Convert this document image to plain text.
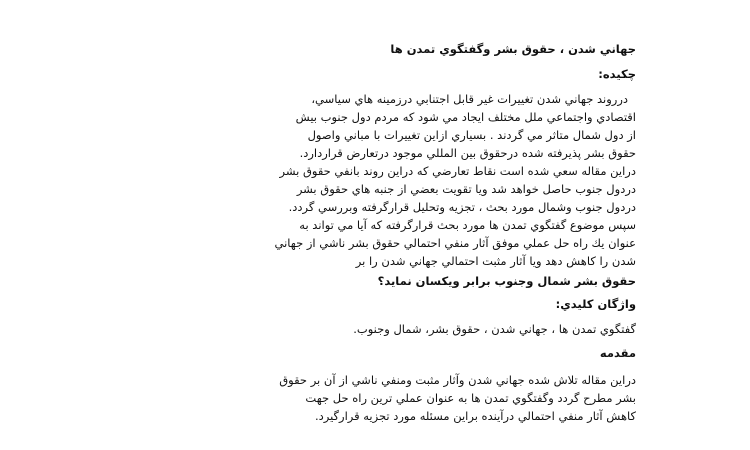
جهاني شدن ، حقوق بشر وگفتگوي تمدن ها
چكيده:
درروند جهاني شدن تغييرات غير قابل اجتنابي درزمينه هاي سياسي،
اقتصادي واجتماعي ملل مختلف ايجاد مي شود كه مردم دول جنوب بيش
از دول شمال متاثر مي گردند . بسياري ازاين تغييرات با مباني واصول
حقوق بشر پذيرفته شده درحقوق بين المللي موجود درتعارض قراردارد.
دراين مقاله سعي شده است نقاط تعارضي كه دراين روند بانفي حقوق بشر
دردول جنوب حاصل خواهد شد ويا تقويت بعضي از جنبه هاي حقوق بشر
دردول جنوب وشمال مورد بحث ، تجزيه وتحليل قرارگرفته وبررسي گردد.
سپس موضوع گفتگوي تمدن ها مورد بحث قرارگرفته كه آيا مي تواند به
عنوان يك راه حل عملي موفق آثار منفي احتمالي حقوق بشر ناشي از جهاني
شدن را كاهش دهد ويا آثار مثبت احتمالي جهاني شدن را بر
حقوق بشر شمال وجنوب برابر ويكسان نمايد؟
واژگان كليدي:
گفتگوي تمدن ها ، جهاني شدن ، حقوق بشر، شمال وجنوب.
مقدمه
دراين مقاله تلاش شده جهاني شدن وآثار مثبت ومنفي ناشي از آن بر حقوق
بشر مطرح گردد وگفتگوي تمدن ها به عنوان عملي ترين راه حل جهت
كاهش آثار منفي احتمالي درآينده براين مسئله مورد تجزيه قرارگيرد.
